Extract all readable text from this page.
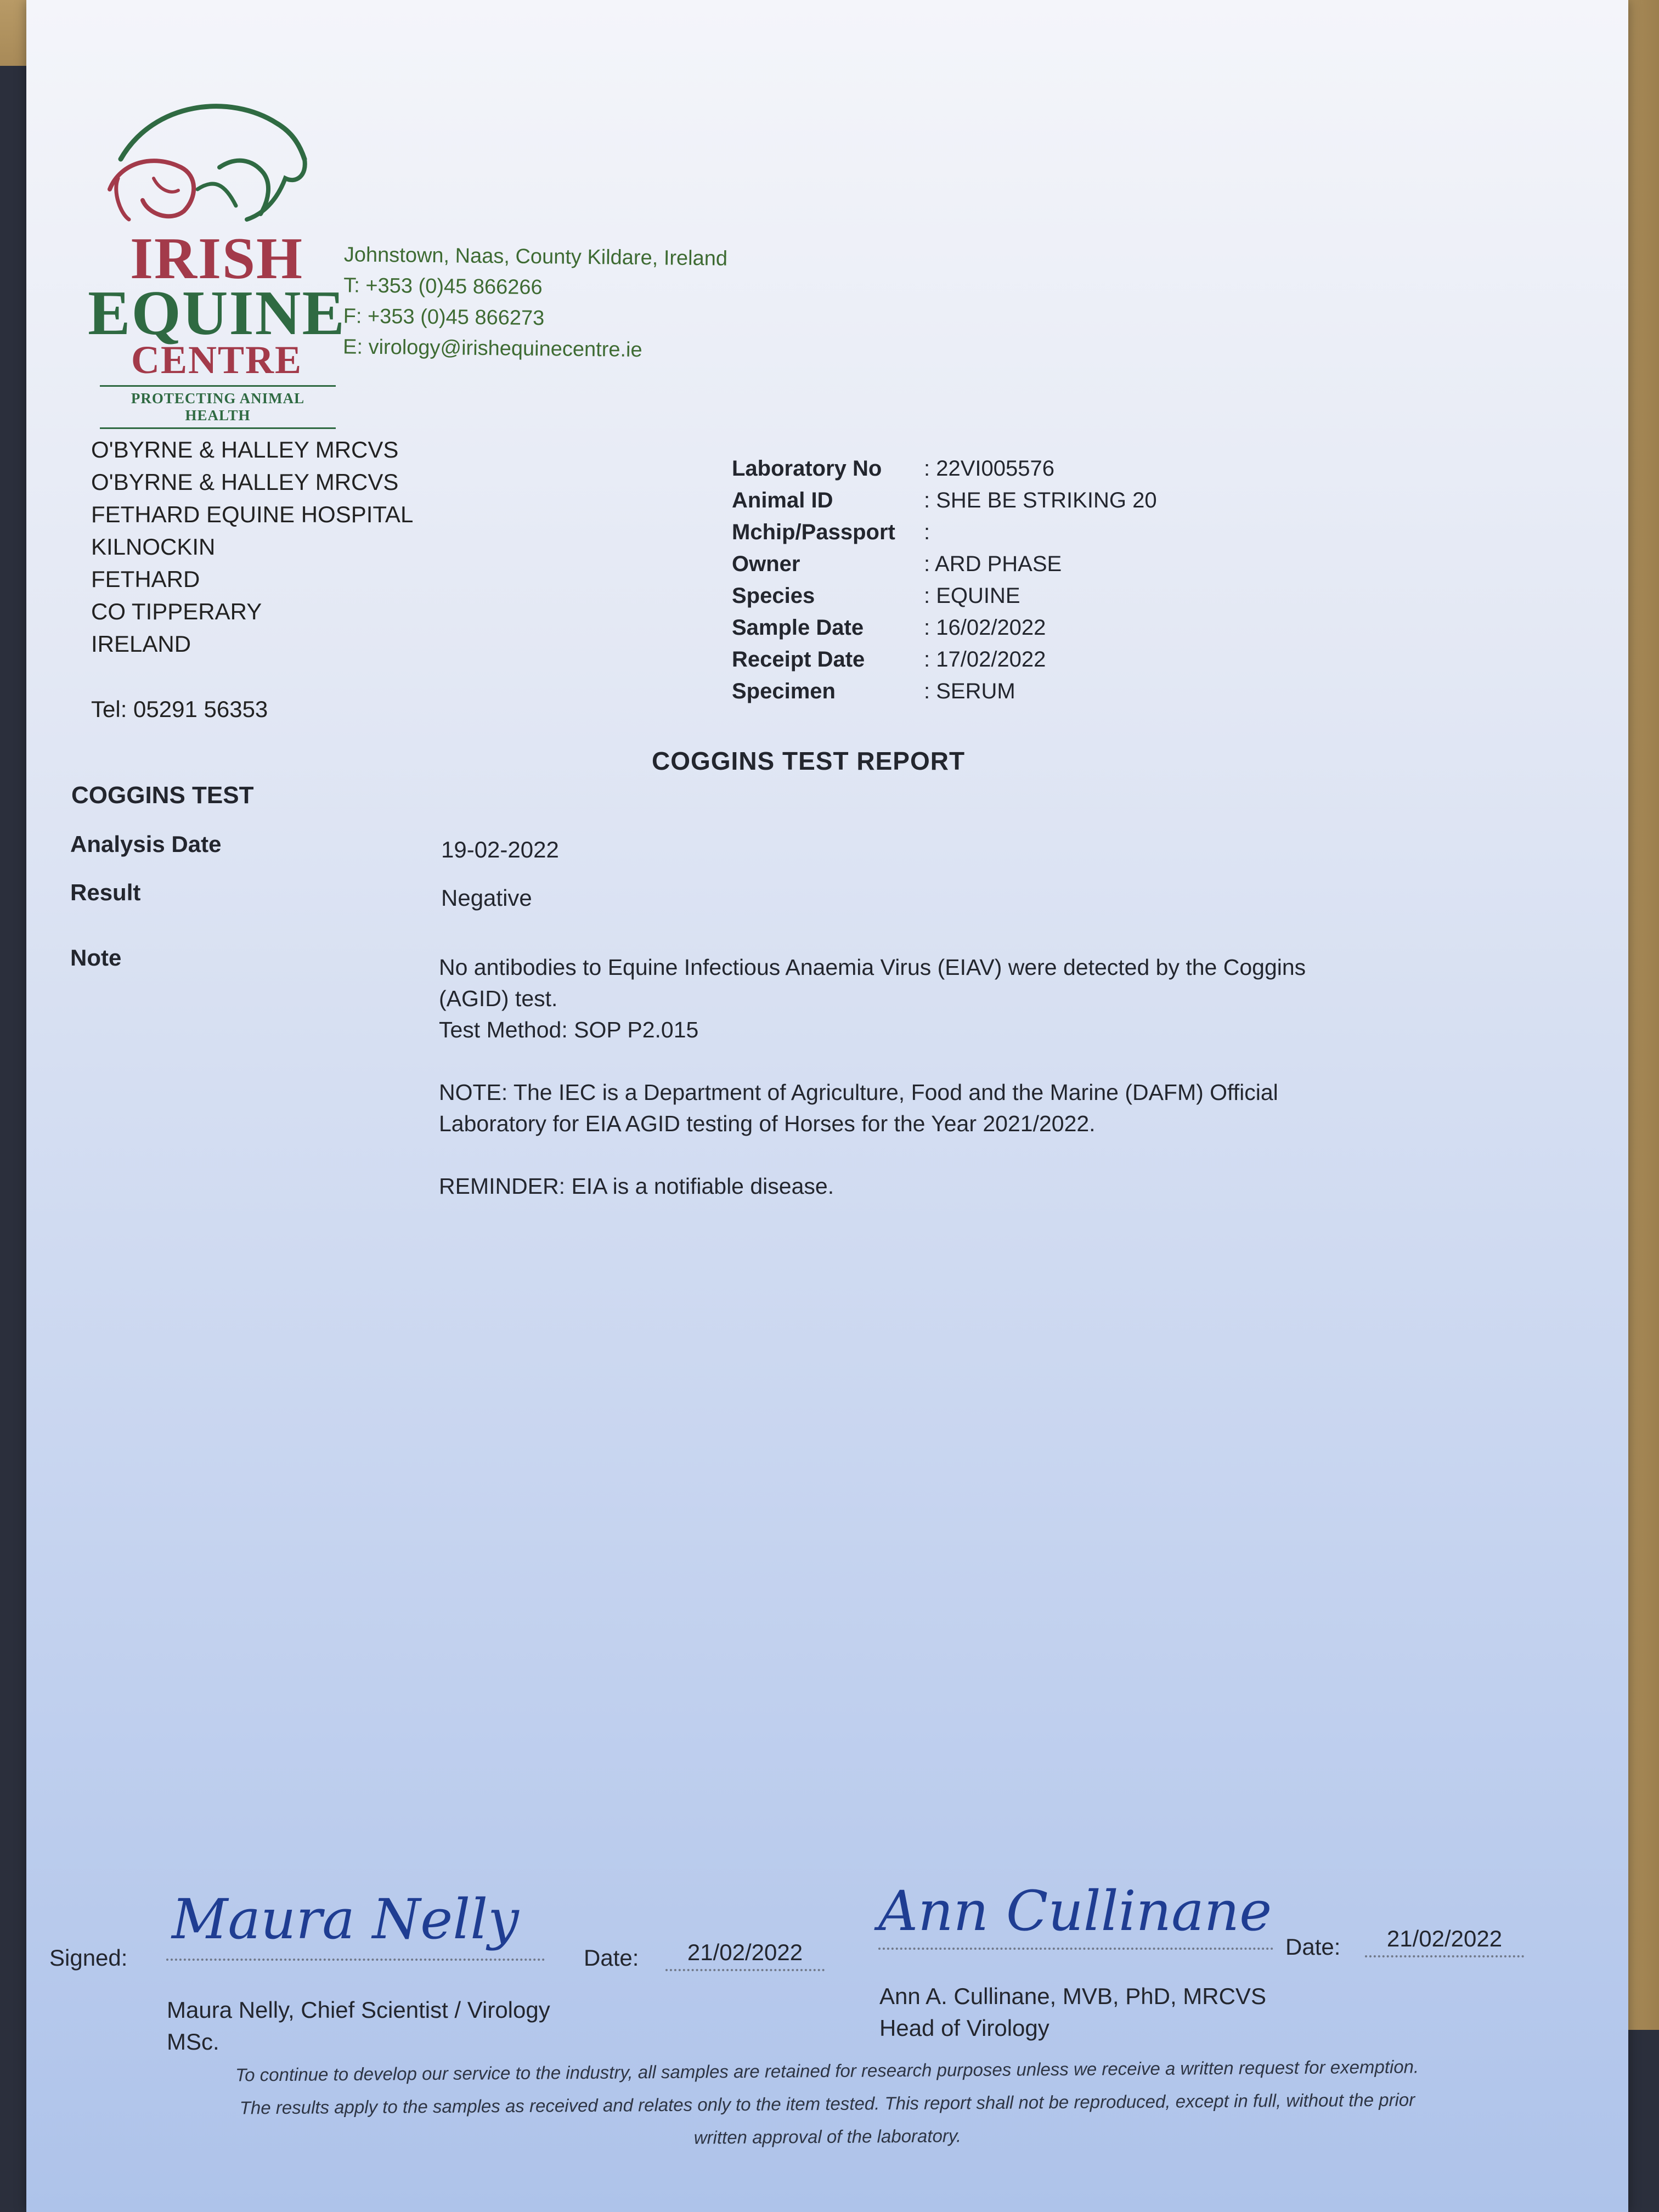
IRISH
EQUINE
CENTRE
PROTECTING ANIMAL HEALTH
Johnstown, Naas, County Kildare, Ireland
T: +353 (0)45 866266
F: +353 (0)45 866273
E: virology@irishequinecentre.ie
O'BYRNE & HALLEY MRCVS
O'BYRNE & HALLEY MRCVS
FETHARD EQUINE HOSPITAL
KILNOCKIN
FETHARD
CO TIPPERARY
IRELAND
Tel: 05291 56353
Laboratory No	: 22VI005576
Animal ID	: SHE BE STRIKING 20
Mchip/Passport	:
Owner	: ARD PHASE
Species	: EQUINE
Sample Date	: 16/02/2022
Receipt Date	: 17/02/2022
Specimen	: SERUM
COGGINS TEST REPORT
COGGINS TEST
Analysis Date	19-02-2022
Result	Negative
Note	No antibodies to Equine Infectious Anaemia Virus (EIAV) were detected by the Coggins (AGID) test.

Test Method: SOP P2.015

NOTE: The IEC is a Department of Agriculture, Food and the Marine (DAFM) Official Laboratory for EIA AGID testing of Horses for the Year 2021/2022.

REMINDER: EIA is a notifiable disease.

Signed:
Maura Nelly
Date:	21/02/2022
Ann Cullinane
Date:	21/02/2022
Maura Nelly, Chief Scientist / Virology
MSc.
Ann A. Cullinane, MVB, PhD, MRCVS
Head of Virology
To continue to develop our service to the industry, all samples are retained for research purposes unless we receive a written request for exemption.
The results apply to the samples as received and relates only to the item tested. This report shall not be reproduced, except in full, without the prior
written approval of the laboratory.
